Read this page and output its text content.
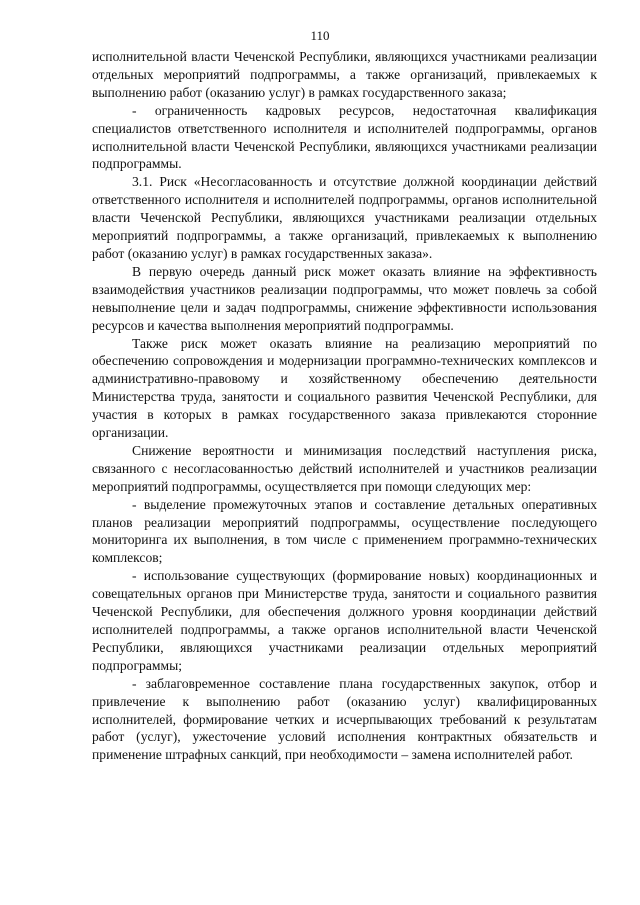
110

исполнительной власти Чеченской Республики, являющихся участниками реализации отдельных мероприятий подпрограммы, а также организаций, привлекаемых к выполнению работ (оказанию услуг) в рамках государственного заказа;

- ограниченность кадровых ресурсов, недостаточная квалификация специалистов ответственного исполнителя и исполнителей подпрограммы, органов исполнительной власти Чеченской Республики, являющихся участниками реализации подпрограммы.

3.1. Риск «Несогласованность и отсутствие должной координации действий ответственного исполнителя и исполнителей подпрограммы, органов исполнительной власти Чеченской Республики, являющихся участниками реализации отдельных мероприятий подпрограммы, а также организаций, привлекаемых к выполнению работ (оказанию услуг) в рамках государственных заказа».

В первую очередь данный риск может оказать влияние на эффективность взаимодействия участников реализации подпрограммы, что может повлечь за собой невыполнение цели и задач подпрограммы, снижение эффективности использования ресурсов и качества выполнения мероприятий подпрограммы.

Также риск может оказать влияние на реализацию мероприятий по обеспечению сопровождения и модернизации программно-технических комплексов и административно-правовому и хозяйственному обеспечению деятельности Министерства труда, занятости и социального развития Чеченской Республики, для участия в которых в рамках государственного заказа привлекаются сторонние организации.

Снижение вероятности и минимизация последствий наступления риска, связанного с несогласованностью действий исполнителей и участников реализации мероприятий подпрограммы, осуществляется при помощи следующих мер:

- выделение промежуточных этапов и составление детальных оперативных планов реализации мероприятий подпрограммы, осуществление последующего мониторинга их выполнения, в том числе с применением программно-технических комплексов;

- использование существующих (формирование новых) координационных и совещательных органов при Министерстве труда, занятости и социального развития Чеченской Республики, для обеспечения должного уровня координации действий исполнителей подпрограммы, а также органов исполнительной власти Чеченской Республики, являющихся участниками реализации отдельных мероприятий подпрограммы;

- заблаговременное составление плана государственных закупок, отбор и привлечение к выполнению работ (оказанию услуг) квалифицированных исполнителей, формирование четких и исчерпывающих требований к результатам работ (услуг), ужесточение условий исполнения контрактных обязательств и применение штрафных санкций, при необходимости – замена исполнителей работ.
